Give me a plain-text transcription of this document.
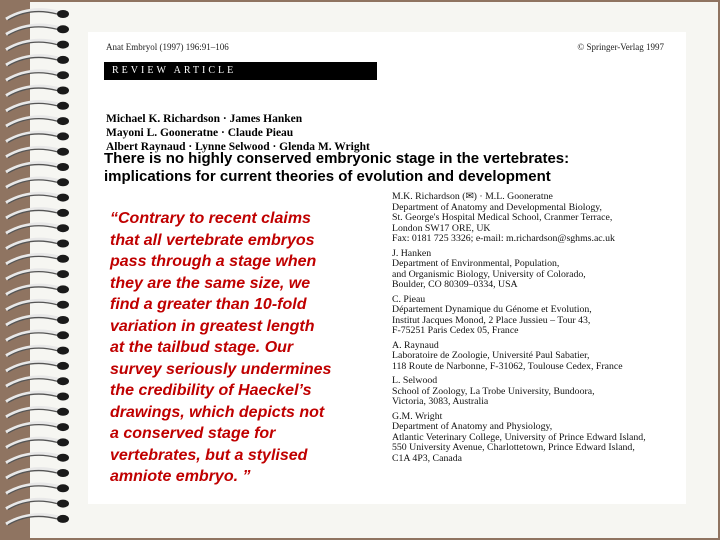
Anat Embryol (1997) 196:91–106	© Springer-Verlag 1997
REVIEW ARTICLE
Michael K. Richardson · James Hanken
Mayoni L. Gooneratne · Claude Pieau
Albert Raynaud · Lynne Selwood · Glenda M. Wright
There is no highly conserved embryonic stage in the vertebrates:
implications for current theories of evolution and development
M.K. Richardson (✉) · M.L. Gooneratne
Department of Anatomy and Developmental Biology,
St. George's Hospital Medical School, Cranmer Terrace,
London SW17 ORE, UK
Fax: 0181 725 3326; e-mail: m.richardson@sghms.ac.uk
J. Hanken
Department of Environmental, Population,
and Organismic Biology, University of Colorado,
Boulder, CO 80309–0334, USA
C. Pieau
Département Dynamique du Génome et Evolution,
Institut Jacques Monod, 2 Place Jussieu – Tour 43,
F-75251 Paris Cedex 05, France
A. Raynaud
Laboratoire de Zoologie, Université Paul Sabatier,
118 Route de Narbonne, F-31062, Toulouse Cedex, France
L. Selwood
School of Zoology, La Trobe University, Bundoora,
Victoria, 3083, Australia
G.M. Wright
Department of Anatomy and Physiology,
Atlantic Veterinary College, University of Prince Edward Island,
550 University Avenue, Charlottetown, Prince Edward Island,
C1A 4P3, Canada
“Contrary to recent claims
that all vertebrate embryos
pass through a stage when
they are the same size, we
find a greater than 10-fold
variation in greatest length
at the tailbud stage. Our
survey seriously undermines
the credibility of Haeckel’s
drawings, which depicts not
a conserved stage for
vertebrates, but a stylised
amniote embryo. ”
